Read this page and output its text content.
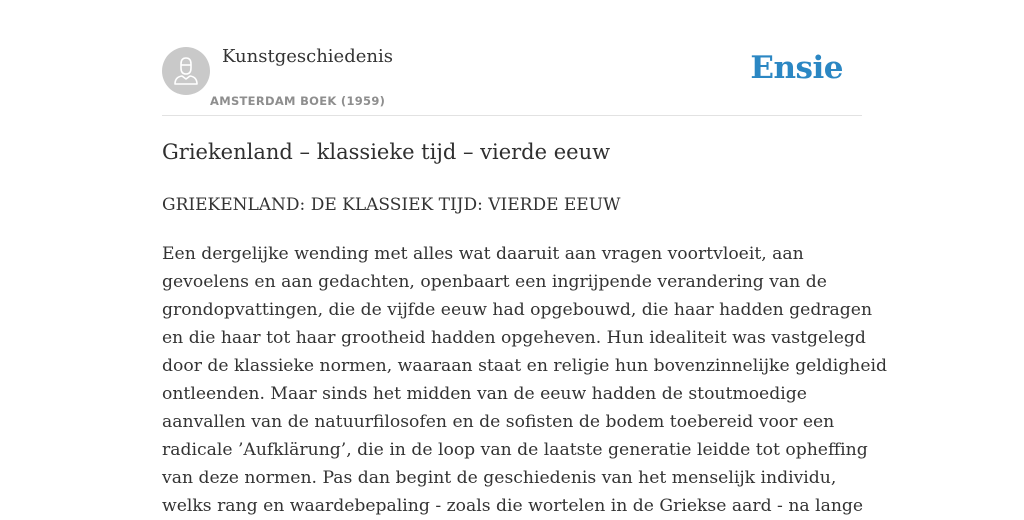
Kunstgeschiedenis
AMSTERDAM BOEK (1959)
Ensie
Griekenland – klassieke tijd – vierde eeuw
GRIEKENLAND: DE KLASSIEK TIJD: VIERDE EEUW
Een dergelijke wending met alles wat daaruit aan vragen voortvloeit, aan
gevoelens en aan gedachten, openbaart een ingrijpende verandering van de
grondopvattingen, die de vijfde eeuw had opgebouwd, die haar hadden gedragen
en die haar tot haar grootheid hadden opgeheven. Hun idealiteit was vastgelegd
door de klassieke normen, waaraan staat en religie hun bovenzinnelijke geldigheid
ontleenden. Maar sinds het midden van de eeuw hadden de stoutmoedige
aanvallen van de natuurfilosofen en de sofisten de bodem toebereid voor een
radicale ’Aufklärung’, die in de loop van de laatste generatie leidde tot opheffing
van deze normen. Pas dan begint de geschiedenis van het menselijk individu,
welks rang en waardebepaling - zoals die wortelen in de Griekse aard - na lange
